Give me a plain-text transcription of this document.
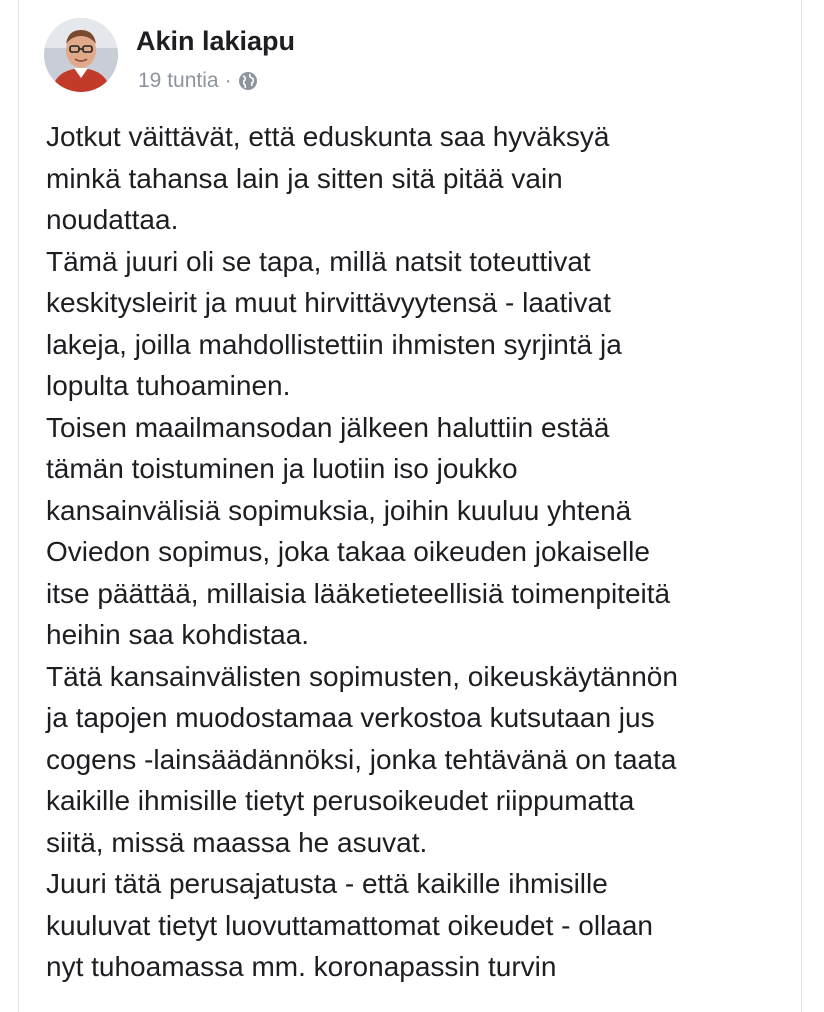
Akin lakiapu
19 tuntia ·

Jotkut väittävät, että eduskunta saa hyväksyä
minkä tahansa lain ja sitten sitä pitää vain
noudattaa.

Tämä juuri oli se tapa, millä natsit toteuttivat
keskitysleirit ja muut hirvittävyytensä - laativat
lakeja, joilla mahdollistettiin ihmisten syrjintä ja
lopulta tuhoaminen.

Toisen maailmansodan jälkeen haluttiin estää
tämän toistuminen ja luotiin iso joukko
kansainvälisiä sopimuksia, joihin kuuluu yhtenä
Oviedon sopimus, joka takaa oikeuden jokaiselle
itse päättää, millaisia lääketieteellisiä toimenpiteitä
heihin saa kohdistaa.

Tätä kansainvälisten sopimusten, oikeuskäytännön
ja tapojen muodostamaa verkostoa kutsutaan jus
cogens -lainsäädännöksi, jonka tehtävänä on taata
kaikille ihmisille tietyt perusoikeudet riippumatta
siitä, missä maassa he asuvat.

Juuri tätä perusajatusta - että kaikille ihmisille
kuuluvat tietyt luovuttamattomat oikeudet - ollaan
nyt tuhoamassa mm. koronapassin turvin
